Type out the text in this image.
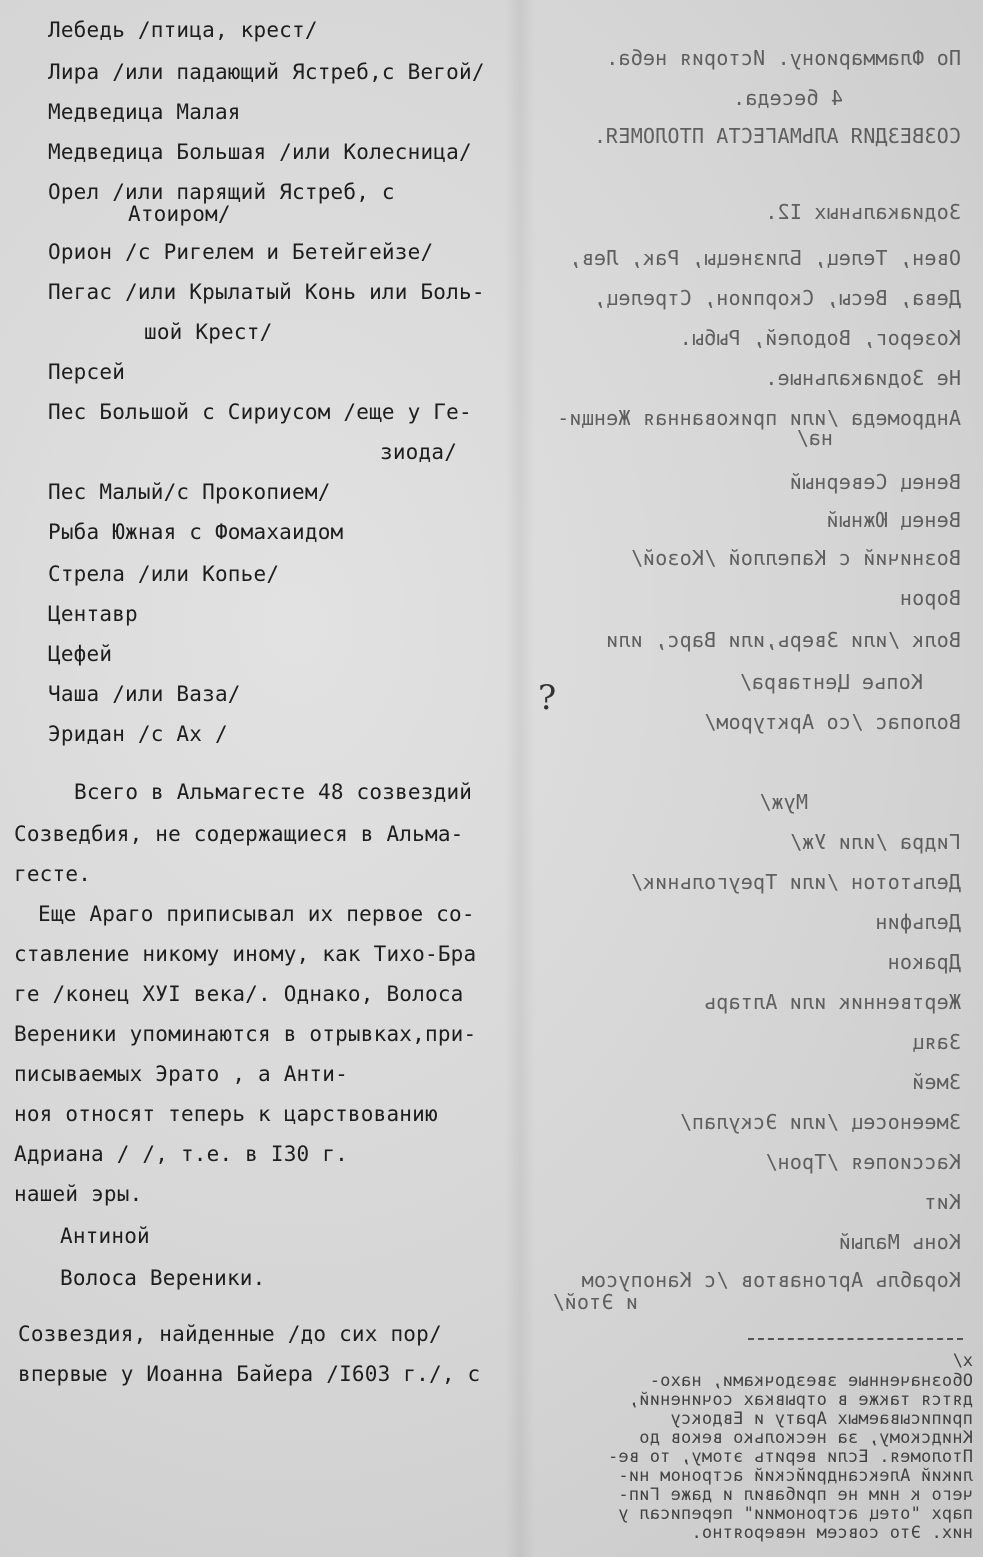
По Фламмариону. История неба.
4 беседа.
СОЗВЕЗДИЯ АЛЬМАГЕСТА ПТОЛОМЕЯ.
Зодиакальных I2.
Овен, Телец, Близнецы, Рак, Лев,
Дева, Весы, Скорпион, Стрелец,
Козерог, Водолей, Рыбы.
Не Зодиакальные.
Андромеда /или прикованная Женщи-
на/
Венец Северный
Венец Южный
Возничий с Капеллой /Козой/
Ворон
Волк /или Зверь,или Варс, или
Копье Центавра/
Волопас /со Арктуром/
Муж/
Гидра /или Уж/
Дельтотон /или Треугольник/
Дельфин
Дракон
Жертвенник или Алтарь
Заяц
Змей
Змееносец /или Эскулап/
Кассиопея /Трон/
Кит
Конь Малый
Корабль Аргонавтов /с Канопусом
и Этой/
x/
Обозначенные звездочками, нахо-
дятся также в отрывках сочинений,
приписываемых Арату и Евдоксу
Книдскому, за несколько веков до
Птоломея. Если верить этому, то ве-
ликий Александрийский астроном ни-
чего к ним не прибавил и даже Гип-
парх "отец астрономии" переписал у
них. Это совсем невероятно.
Лебедь /птица, крест/
Лира /или падающий Ястреб,с Вегой/
Медведица Малая
Медведица Большая /или Колесница/
Орел /или парящий Ястреб, с
Атоиром/
Орион /с Ригелем и Бетейгейзе/
Пегас /или Крылатый Конь или Боль-
шой Крест/
Персей
Пес Большой с Сириусом /еще у Ге-
зиода/
Пес Малый/с Прокопием/
Рыба Южная с Фомахаидом
Стрела /или Копье/
Центавр
Цефей
Чаша /или Ваза/
Эридан /с Ах /
Всего в Альмагесте 48 созвездий
Созведбия, не содержащиеся в Альма-
гесте.
Еще Араго приписывал их первое со-
ставление никому иному, как Тихо-Бра
ге /конец XУI века/. Однако, Волоса
Вереники упоминаются в отрывках,при-
писываемых Эрато , а Анти-
ноя относят теперь к царствованию
Адриана / /, т.е. в I30 г.
нашей эры.
Антиной
Волоса Вереники.
Созвездия, найденные /до сих пор/
впервые у Иоанна Байера /I603 г./, с
?
